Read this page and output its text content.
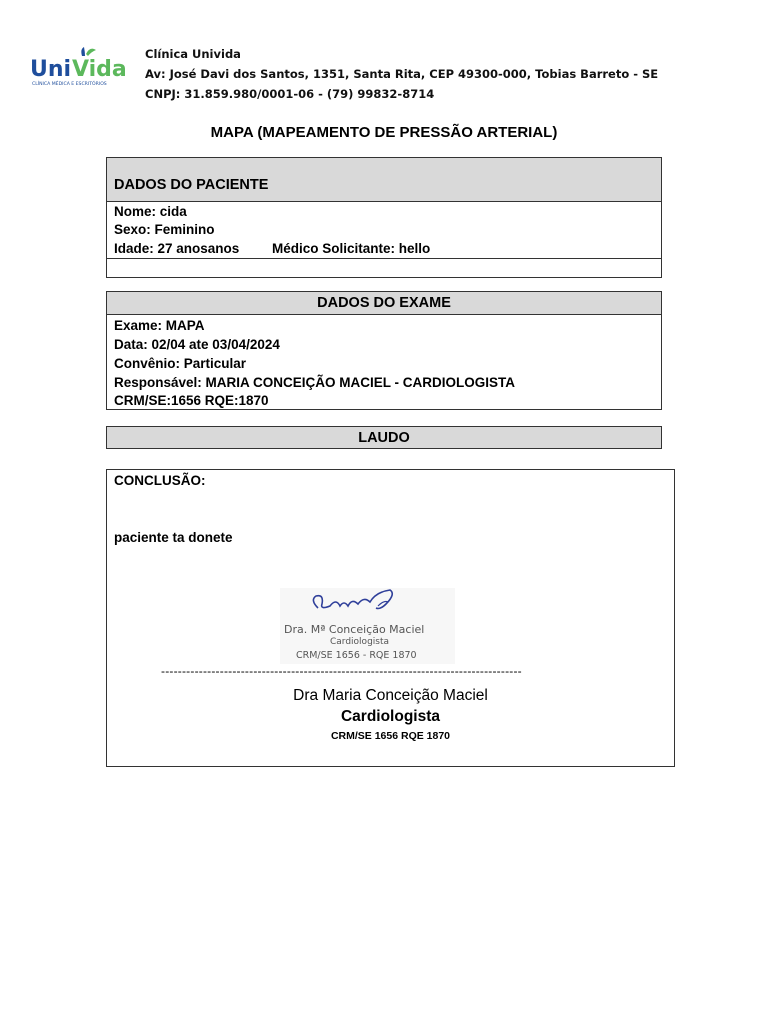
Uni Vida
CLÍNICA MÉDICA E ESCRITÓRIOS
Clínica Univida
Av: José Davi dos Santos, 1351, Santa Rita, CEP 49300-000, Tobias Barreto - SE
CNPJ: 31.859.980/0001-06 - (79) 99832-8714
MAPA (MAPEAMENTO DE PRESSÃO ARTERIAL)
DADOS DO PACIENTE
Nome: cida
Sexo: Feminino
Idade: 27 anosanos Médico Solicitante: hello
DADOS DO EXAME
Exame: MAPA
Data: 02/04 ate 03/04/2024
Convênio: Particular
Responsável: MARIA CONCEIÇÃO MACIEL - CARDIOLOGISTA
CRM/SE:1656 RQE:1870
LAUDO
CONCLUSÃO:
paciente ta donete
Dra. Mª Conceição Maciel
Cardiologista
CRM/SE 1656 - RQE 1870
--------------------------------------------------------------------------------------
Dra Maria Conceição Maciel
Cardiologista
CRM/SE 1656 RQE 1870
